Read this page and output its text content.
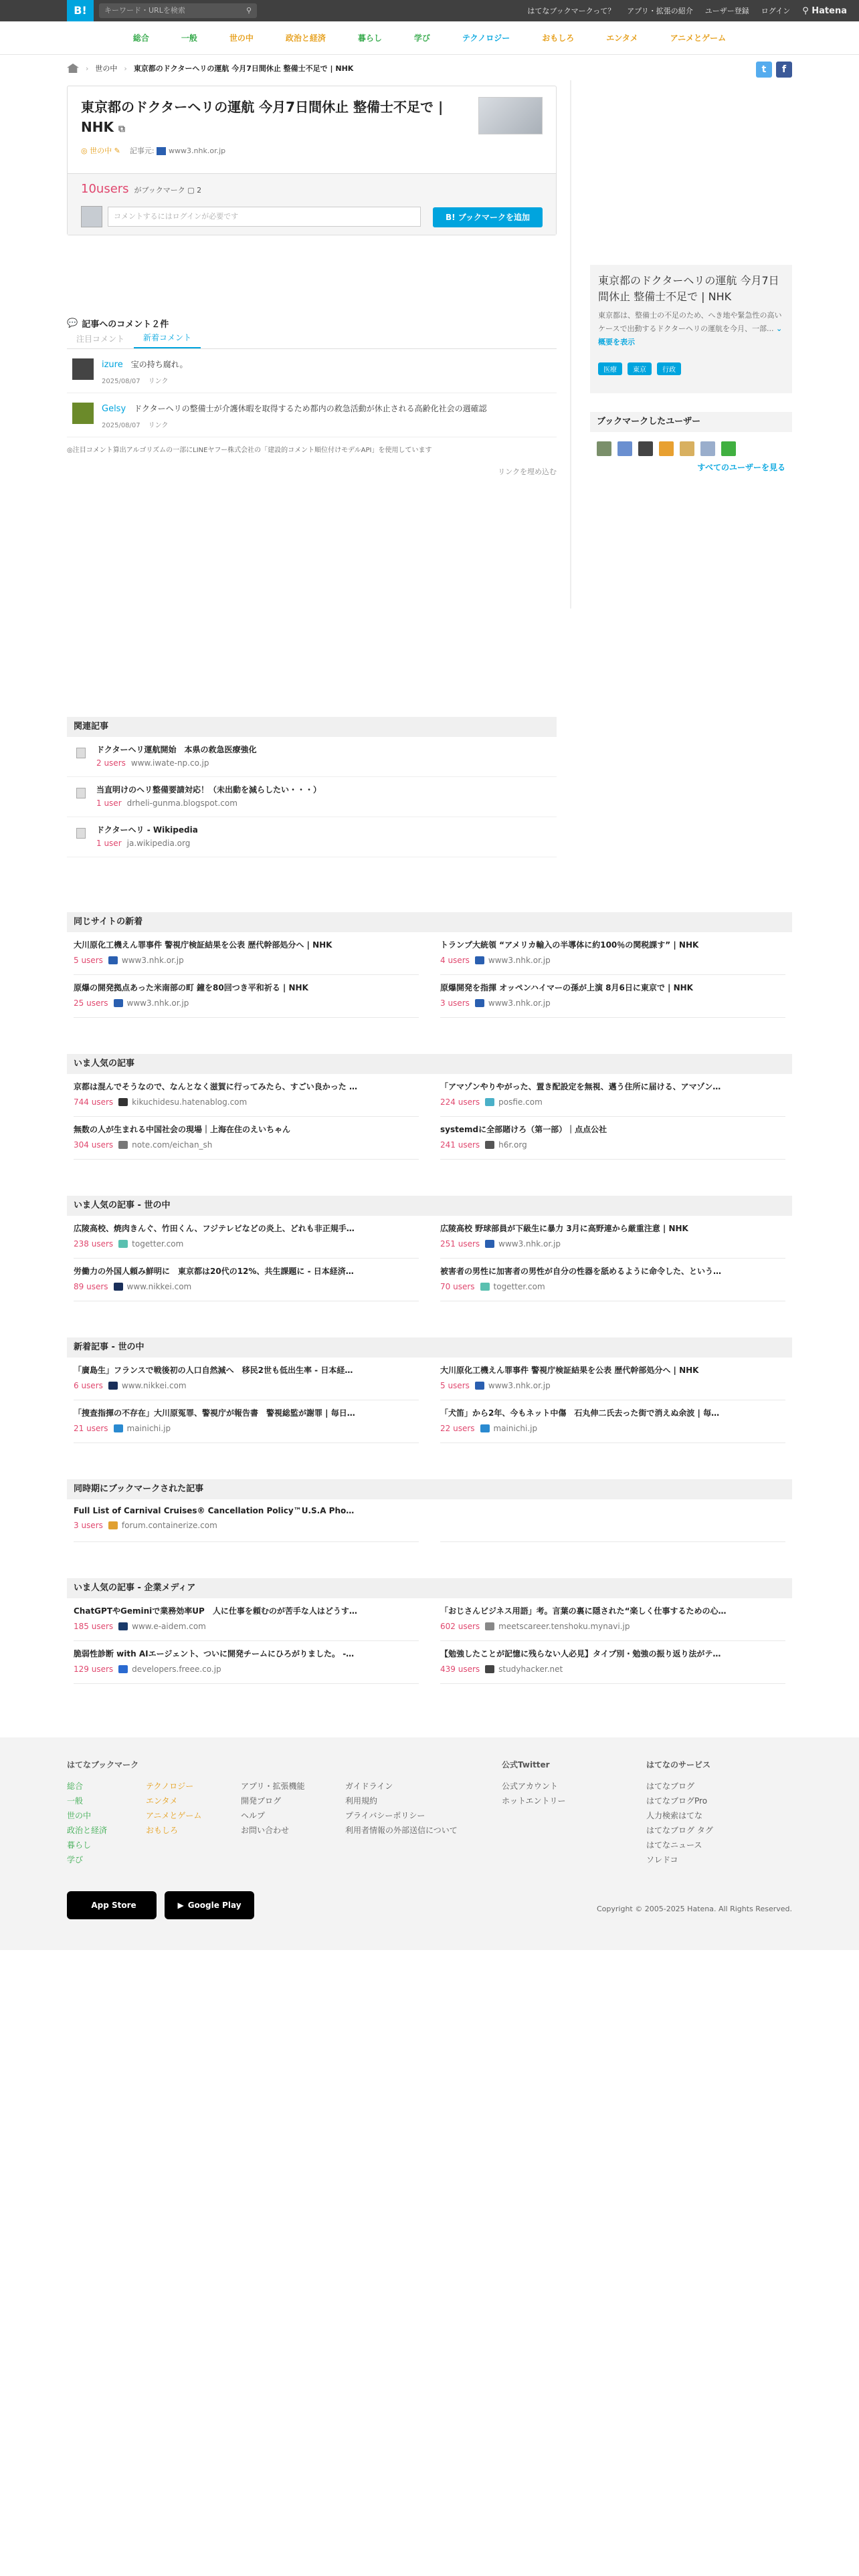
B!	キーワード・URLを検索	⚲	はてなブックマークって？ アプリ・拡張の紹介 ユーザー登録 ログイン ⚲ Hatena
総合	一般	世の中	政治と経済	暮らし	学び	テクノロジー	おもしろ	エンタメ	アニメとゲーム
› 世の中 › 東京都のドクターヘリの運航 今月7日間休止 整備士不足で | NHK	t	f
東京都のドクターヘリの運航 今月7日間休止 整備士不足で | NHK ⧉
◎ 世の中 ✎ 記事元: www3.nhk.or.jp
10users がブックマーク ▢ 2
コメントするにはログインが必要です	B! ブックマークを追加
東京都のドクターヘリの運航 今月7日間休止 整備士不足で | NHK
東京都は、整備士の不足のため、へき地や緊急性の高いケースで出動するドクターヘリの運航を今月、一部... ⌄ 概要を表示
医療	東京	行政
ブックマークしたユーザー
すべてのユーザーを見る
💬 記事へのコメント２件
注目コメント	新着コメント
izure 宝の持ち腐れ。
2025/08/07 リンク
Gelsy ドクターヘリの整備士が介護休暇を取得するため都内の救急活動が休止される高齢化社会の週確認
2025/08/07 リンク
◎注目コメント算出アルゴリズムの一部にLINEヤフー株式会社の「建設的コメント順位付けモデルAPI」を使用しています
リンクを埋め込む
関連記事
ドクターヘリ運航開始　本県の救急医療強化
2 users www.iwate-np.co.jp
当直明けのヘリ整備要請対応！（未出動を減らしたい・・・）
1 user drheli-gunma.blogspot.com
ドクターヘリ - Wikipedia
1 user ja.wikipedia.org
同じサイトの新着
大川原化工機えん罪事件 警視庁検証結果を公表 歴代幹部処分へ | NHK
5 users www3.nhk.or.jp
トランプ大統領 “アメリカ輸入の半導体に約100％の関税課す” | NHK
4 users www3.nhk.or.jp
原爆の開発拠点あった米南部の町 鐘を80回つき平和祈る | NHK
25 users www3.nhk.or.jp
原爆開発を指揮 オッペンハイマーの孫が上演 8月6日に東京で | NHK
3 users www3.nhk.or.jp
いま人気の記事
京都は混んでそうなので、なんとなく滋賀に行ってみたら、すごい良かった …
744 users kikuchidesu.hatenablog.com
「アマゾンやりやがった、置き配設定を無視、邁う住所に届ける、アマゾン…
224 users posfie.com
無数の人が生まれる中国社会の現場｜上海在住のえいちゃん
304 users note.com/eichan_sh
systemdに全部賭けろ（第一部）｜点点公社
241 users h6r.org
いま人気の記事 - 世の中
広陵高校、焼肉きんぐ、竹田くん、フジテレビなどの炎上、どれも非正規手…
238 users togetter.com
広陵高校 野球部員が下級生に暴力 3月に高野連から厳重注意 | NHK
251 users www3.nhk.or.jp
労働力の外国人頼み鮮明に　東京都は20代の12%、共生課題に - 日本経済…
89 users www.nikkei.com
被害者の男性に加害者の男性が自分の性器を舐めるように命令した、という…
70 users togetter.com
新着記事 - 世の中
「廣島生」フランスで戦後初の人口自然減へ　移民2世も低出生率 - 日本経…
6 users www.nikkei.com
大川原化工機えん罪事件 警視庁検証結果を公表 歴代幹部処分へ | NHK
5 users www3.nhk.or.jp
「捜査指揮の不存在」大川原冤罪、警視庁が報告書　警視総監が謝罪 | 毎日…
21 users mainichi.jp
「犬笛」から2年、今もネット中傷　石丸伸二氏去った街で消えぬ余波 | 毎…
22 users mainichi.jp
同時期にブックマークされた記事
Full List of Carnival Cruises® Cancellation Policy™U.S.A Pho…
3 users forum.containerize.com
いま人気の記事 - 企業メディア
ChatGPTやGeminiで業務効率UP　人に仕事を頼むのが苦手な人はどうす…
185 users www.e-aidem.com
「おじさんビジネス用語」考。言葉の裏に隠された“楽しく仕事するための心…
602 users meetscareer.tenshoku.mynavi.jp
脆弱性診断 with AIエージェント、ついに開発チームにひろがりました。 -…
129 users developers.freee.co.jp
【勉強したことが記憶に残らない人必見】タイプ別・勉強の振り返り法がテ…
439 users studyhacker.net
はてなブックマーク
総合
一般
世の中
政治と経済
暮らし
学び
テクノロジー
エンタメ
アニメとゲーム
おもしろ
アプリ・拡張機能
開発ブログ
ヘルプ
お問い合わせ
ガイドライン
利用規約
プライバシーポリシー
利用者情報の外部送信について
公式Twitter
公式アカウント
ホットエントリー
はてなのサービス
はてなブログ
はてなブログPro
人力検索はてな
はてなブログ タグ
はてなニュース
ソレドコ
App Store	▶ Google Play	Copyright © 2005-2025 Hatena. All Rights Reserved.
